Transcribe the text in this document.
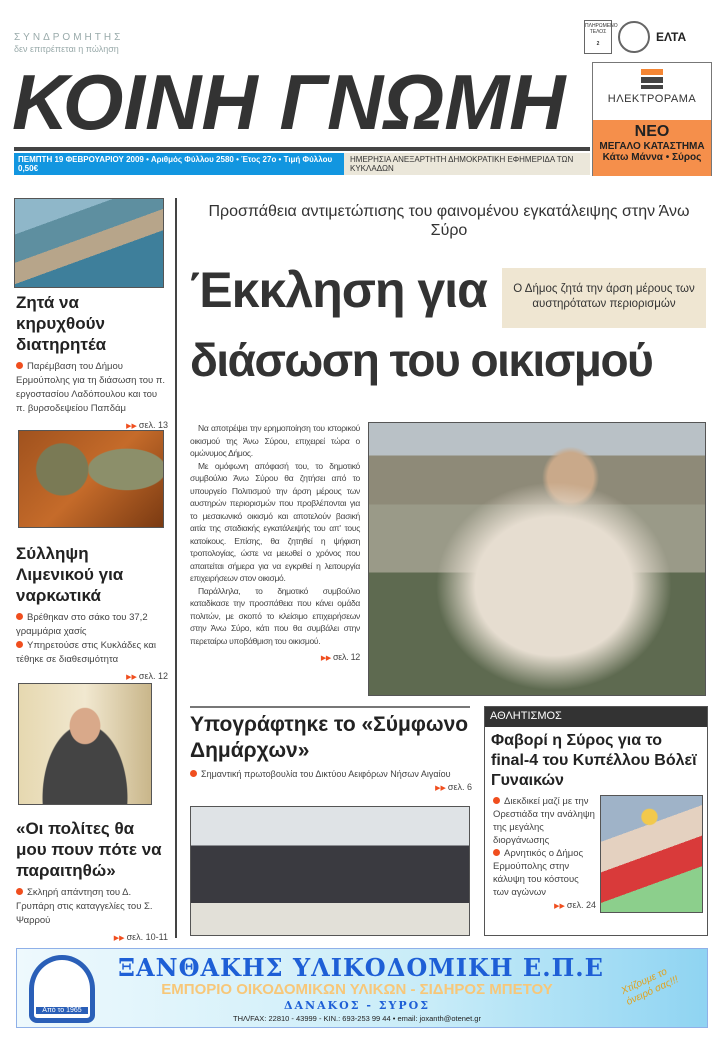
ΣΥΝΔΡΟΜΗΤΗΣ
δεν επιτρέπεται η πώληση
ΠΛΗΡΩΜΕΝΟ ΤΕΛΟΣ

2	ΕΛΤΑ
ΚΟΙΝΗ ΓΝΩΜΗ
ΠΕΜΠΤΗ 19 ΦΕΒΡΟΥΑΡΙΟΥ 2009 • Αριθμός Φύλλου 2580 • Έτος 27ο • Τιμή Φύλλου 0,50€
ΗΜΕΡΗΣΙΑ ΑΝΕΞΑΡΤΗΤΗ ΔΗΜΟΚΡΑΤΙΚΗ ΕΦΗΜΕΡΙΔΑ ΤΩΝ ΚΥΚΛΑΔΩΝ
ΗΛΕΚΤΡΟΡΑΜΑ
ΝΕΟ
ΜΕΓΑΛΟ ΚΑΤΑΣΤΗΜΑ
Κάτω Μάννα • Σύρος
Ζητά να κηρυχθούν διατηρητέα
Παρέμβαση του Δήμου Ερμούπολης για τη διάσωση του π. εργοστασίου Λαδόπουλου και του π. βυρσοδεψείου Παπδάμ
▶▶ σελ. 13
Σύλληψη Λιμενικού για ναρκωτικά
Βρέθηκαν στο σάκο του 37,2 γραμμάρια χασίς
Υπηρετούσε στις Κυκλάδες και τέθηκε σε διαθεσιμότητα
▶▶ σελ. 12
«Οι πολίτες θα μου πουν πότε να παραιτηθώ»
Σκληρή απάντηση του Δ. Γρυπάρη στις καταγγελίες του Σ. Ψαρρού
▶▶ σελ. 10-11
Προσπάθεια αντιμετώπισης του φαινομένου εγκατάλειψης στην Άνω Σύρο
Έκκληση για
διάσωση του οικισμού
Ο Δήμος ζητά την άρση μέρους των αυστηρότατων περιορισμών

Να αποτρέψει την ερημοποίηση του ιστορικού οικισμού της Άνω Σύρου, επιχειρεί τώρα ο ομώνυμος Δήμος.

Με ομόφωνη απόφασή του, το δημοτικό συμβούλιο Άνω Σύρου θα ζητήσει από το υπουργείο Πολιτισμού την άρση μέρους των αυστηρών περιορισμών που προβλέπονται για το μεσαιωνικό οικισμό και αποτελούν βασική αιτία της σταδιακής εγκατάλειψής του απ' τους κατοίκους. Επίσης, θα ζητηθεί η ψήφιση τροπολογίας, ώστε να μειωθεί ο χρόνος που απαιτείται σήμερα για να εγκριθεί η λειτουργία επιχειρήσεων στον οικισμό.

Παράλληλα, το δημοτικό συμβούλιο καταδίκασε την προσπάθεια που κάνει ομάδα πολιτών, με σκοπό το κλείσιμο επιχειρήσεων στην Άνω Σύρο, κάτι που θα συμβάλει στην περεταίρω υποβάθμιση του οικισμού.

▶▶ σελ. 12
Υπογράφτηκε το «Σύμφωνο Δημάρχων»
Σημαντική πρωτοβουλία του Δικτύου Αειφόρων Νήσων Αιγαίου
▶▶ σελ. 6
ΑΘΛΗΤΙΣΜΟΣ
Φαβορί η Σύρος για το final-4 του Κυπέλλου Βόλεϊ Γυναικών
Διεκδικεί μαζί με την Ορεστιάδα την ανάληψη της μεγάλης διοργάνωσης
Αρνητικός ο Δήμος Ερμούπολης στην κάλυψη του κόστους των αγώνων
▶▶ σελ. 24
Από το 1965
ΞΑΝΘΑΚΗΣ ΥΛΙΚΟΔΟΜΙΚΗ Ε.Π.Ε
ΕΜΠΟΡΙΟ ΟΙΚΟΔΟΜΙΚΩΝ ΥΛΙΚΩΝ - ΣΙΔΗΡΟΣ ΜΠΕΤΟΥ
ΔΑΝΑΚΟΣ - ΣΥΡΟΣ
ΤΗΛ/FAX: 22810 - 43999 - ΚΙΝ.: 693-253 99 44 • email: joxanth@otenet.gr
Χτίζουμε το όνειρό σας!!!
